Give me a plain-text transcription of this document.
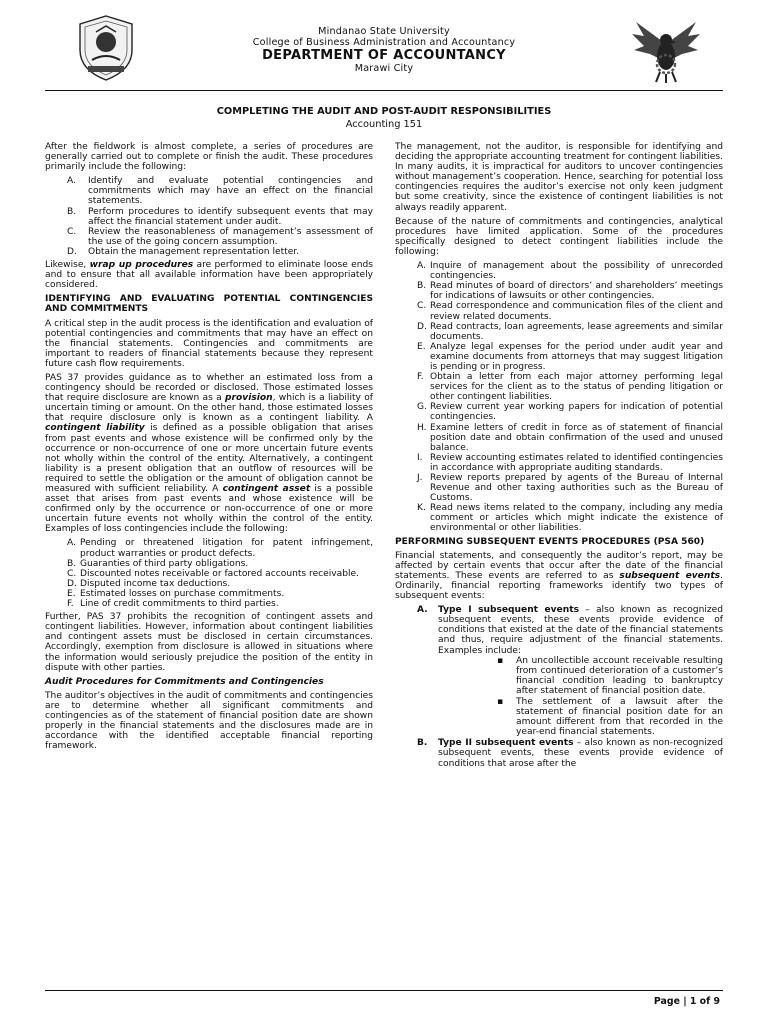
Mindanao State University
College of Business Administration and Accountancy
DEPARTMENT OF ACCOUNTANCY
Marawi City
COMPLETING THE AUDIT AND POST-AUDIT RESPONSIBILITIES
Accounting 151

After the fieldwork is almost complete, a series of procedures are generally carried out to complete or finish the audit. These procedures primarily include the following:

A. Identify and evaluate potential contingencies and commitments which may have an effect on the financial statements.
B. Perform procedures to identify subsequent events that may affect the financial statement under audit.
C. Review the reasonableness of management’s assessment of the use of the going concern assumption.
D. Obtain the management representation letter.

Likewise, wrap up procedures are performed to eliminate loose ends and to ensure that all available information have been appropriately considered.

IDENTIFYING AND EVALUATING POTENTIAL CONTINGENCIES AND COMMITMENTS

A critical step in the audit process is the identification and evaluation of potential contingencies and commitments that may have an effect on the financial statements. Contingencies and commitments are important to readers of financial statements because they represent future cash flow requirements.

PAS 37 provides guidance as to whether an estimated loss from a contingency should be recorded or disclosed. Those estimated losses that require disclosure are known as a provision, which is a liability of uncertain timing or amount. On the other hand, those estimated losses that require disclosure only is known as a contingent liability. A contingent liability is defined as a possible obligation that arises from past events and whose existence will be confirmed only by the occurrence or non-occurrence of one or more uncertain future events not wholly within the control of the entity. Alternatively, a contingent liability is a present obligation that an outflow of resources will be required to settle the obligation or the amount of obligation cannot be measured with sufficient reliability. A contingent asset is a possible asset that arises from past events and whose existence will be confirmed only by the occurrence or non-occurrence of one or more uncertain future events not wholly within the control of the entity. Examples of loss contingencies include the following:

A. Pending or threatened litigation for patent infringement, product warranties or product defects.
B. Guaranties of third party obligations.
C. Discounted notes receivable or factored accounts receivable.
D. Disputed income tax deductions.
E. Estimated losses on purchase commitments.
F. Line of credit commitments to third parties.

Further, PAS 37 prohibits the recognition of contingent assets and contingent liabilities. However, information about contingent liabilities and contingent assets must be disclosed in certain circumstances. Accordingly, exemption from disclosure is allowed in situations where the information would seriously prejudice the position of the entity in dispute with other parties.

Audit Procedures for Commitments and Contingencies

The auditor’s objectives in the audit of commitments and contingencies are to determine whether all significant commitments and contingencies as of the statement of financial position date are shown properly in the financial statements and the disclosures made are in accordance with the identified acceptable financial reporting framework.

The management, not the auditor, is responsible for identifying and deciding the appropriate accounting treatment for contingent liabilities. In many audits, it is impractical for auditors to uncover contingencies without management’s cooperation. Hence, searching for potential loss contingencies requires the auditor’s exercise not only keen judgment but some creativity, since the existence of contingent liabilities is not always readily apparent.

Because of the nature of commitments and contingencies, analytical procedures have limited application. Some of the procedures specifically designed to detect contingent liabilities include the following:

A. Inquire of management about the possibility of unrecorded contingencies.
B. Read minutes of board of directors’ and shareholders’ meetings for indications of lawsuits or other contingencies.
C. Read correspondence and communication files of the client and review related documents.
D. Read contracts, loan agreements, lease agreements and similar documents.
E. Analyze legal expenses for the period under audit year and examine documents from attorneys that may suggest litigation is pending or in progress.
F. Obtain a letter from each major attorney performing legal services for the client as to the status of pending litigation or other contingent liabilities.
G. Review current year working papers for indication of potential contingencies.
H. Examine letters of credit in force as of statement of financial position date and obtain confirmation of the used and unused balance.
I. Review accounting estimates related to identified contingencies in accordance with appropriate auditing standards.
J. Review reports prepared by agents of the Bureau of Internal Revenue and other taxing authorities such as the Bureau of Customs.
K. Read news items related to the company, including any media comment or articles which might indicate the existence of environmental or other liabilities.

PERFORMING SUBSEQUENT EVENTS PROCEDURES (PSA 560)

Financial statements, and consequently the auditor’s report, may be affected by certain events that occur after the date of the financial statements. These events are referred to as subsequent events. Ordinarily, financial reporting frameworks identify two types of subsequent events:

A. Type I subsequent events – also known as recognized subsequent events, these events provide evidence of conditions that existed at the date of the financial statements and thus, require adjustment of the financial statements. Examples include:
▪ An uncollectible account receivable resulting from continued deterioration of a customer’s financial condition leading to bankruptcy after statement of financial position date.
▪ The settlement of a lawsuit after the statement of financial position date for an amount different from that recorded in the year-end financial statements.
B. Type II subsequent events – also known as non-recognized subsequent events, these events provide evidence of conditions that arose after the
Page | 1 of 9
